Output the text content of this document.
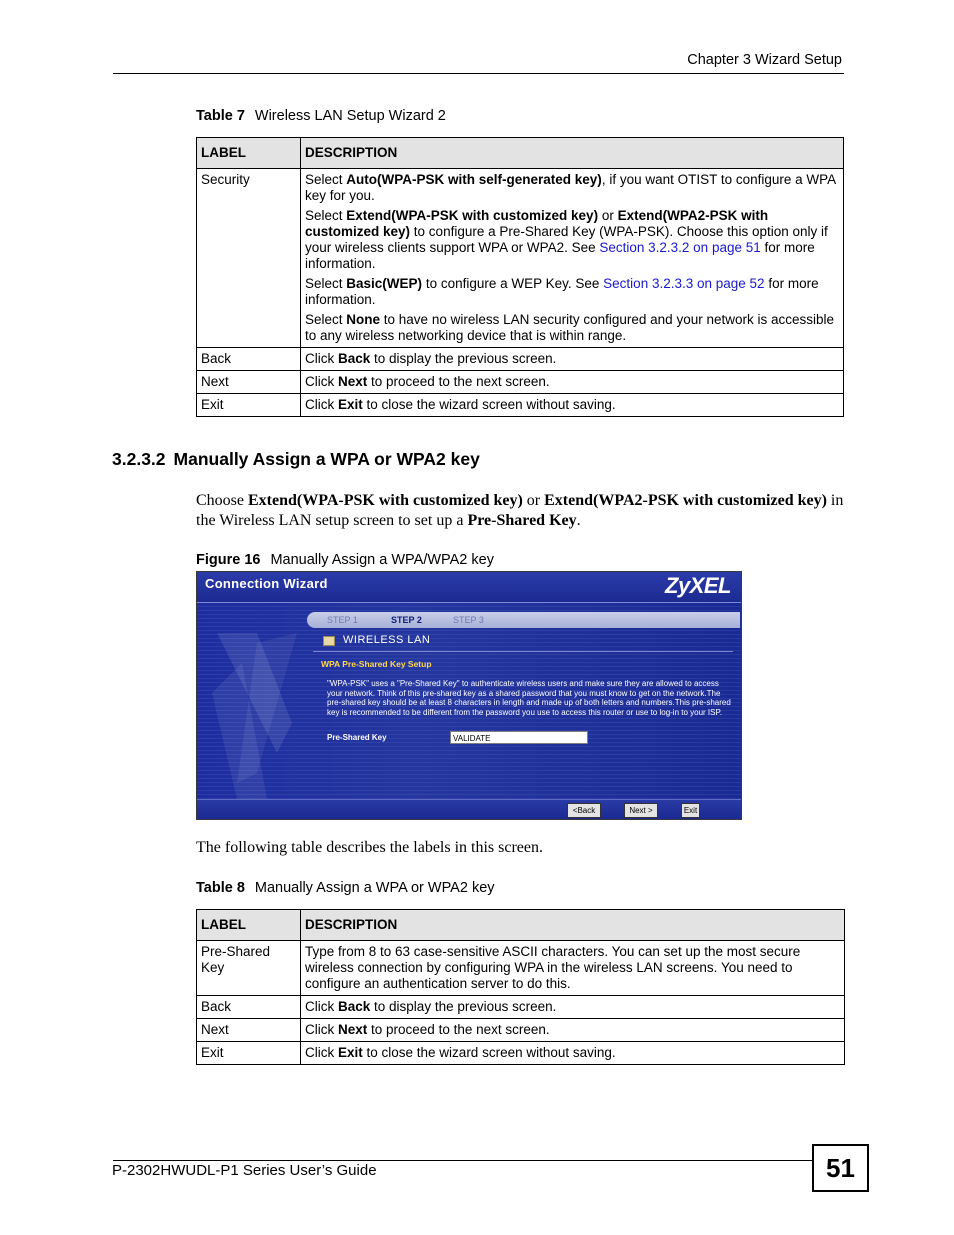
Chapter 3 Wizard Setup
Table 7 Wireless LAN Setup Wizard 2
LABEL	DESCRIPTION
Security	Select Auto(WPA-PSK with self-generated key), if you want OTIST to configure a WPA key for you.

Select Extend(WPA-PSK with customized key) or Extend(WPA2-PSK with customized key) to configure a Pre-Shared Key (WPA-PSK). Choose this option only if your wireless clients support WPA or WPA2. See Section 3.2.3.2 on page 51 for more information.

Select Basic(WEP) to configure a WEP Key. See Section 3.2.3.3 on page 52 for more information.

Select None to have no wireless LAN security configured and your network is accessible to any wireless networking device that is within range.

Back	Click Back to display the previous screen.
Next	Click Next to proceed to the next screen.
Exit	Click Exit to close the wizard screen without saving.
3.2.3.2 Manually Assign a WPA or WPA2 key
Choose Extend(WPA-PSK with customized key) or Extend(WPA2-PSK with customized key) in the Wireless LAN setup screen to set up a Pre-Shared Key.
Figure 16 Manually Assign a WPA/WPA2 key
Connection Wizard	ZyXEL
STEP 1	STEP 2	STEP 3
WIRELESS LAN
WPA Pre-Shared Key Setup
"WPA-PSK" uses a "Pre-Shared Key" to authenticate wireless users and make sure they are allowed to access your network. Think of this pre-shared key as a shared password that you must know to get on the network.The pre-shared key should be at least 8 characters in length and made up of both letters and numbers.This pre-shared key is recommended to be different from the password you use to access this router or use to log-in to your ISP.
Pre-Shared Key	VALIDATE
<Back	Next >	Exit
The following table describes the labels in this screen.
Table 8 Manually Assign a WPA or WPA2 key
LABEL	DESCRIPTION
Pre-Shared Key	Type from 8 to 63 case-sensitive ASCII characters. You can set up the most secure wireless connection by configuring WPA in the wireless LAN screens. You need to configure an authentication server to do this.
Back	Click Back to display the previous screen.
Next	Click Next to proceed to the next screen.
Exit	Click Exit to close the wizard screen without saving.
P-2302HWUDL-P1 Series User’s Guide	51
